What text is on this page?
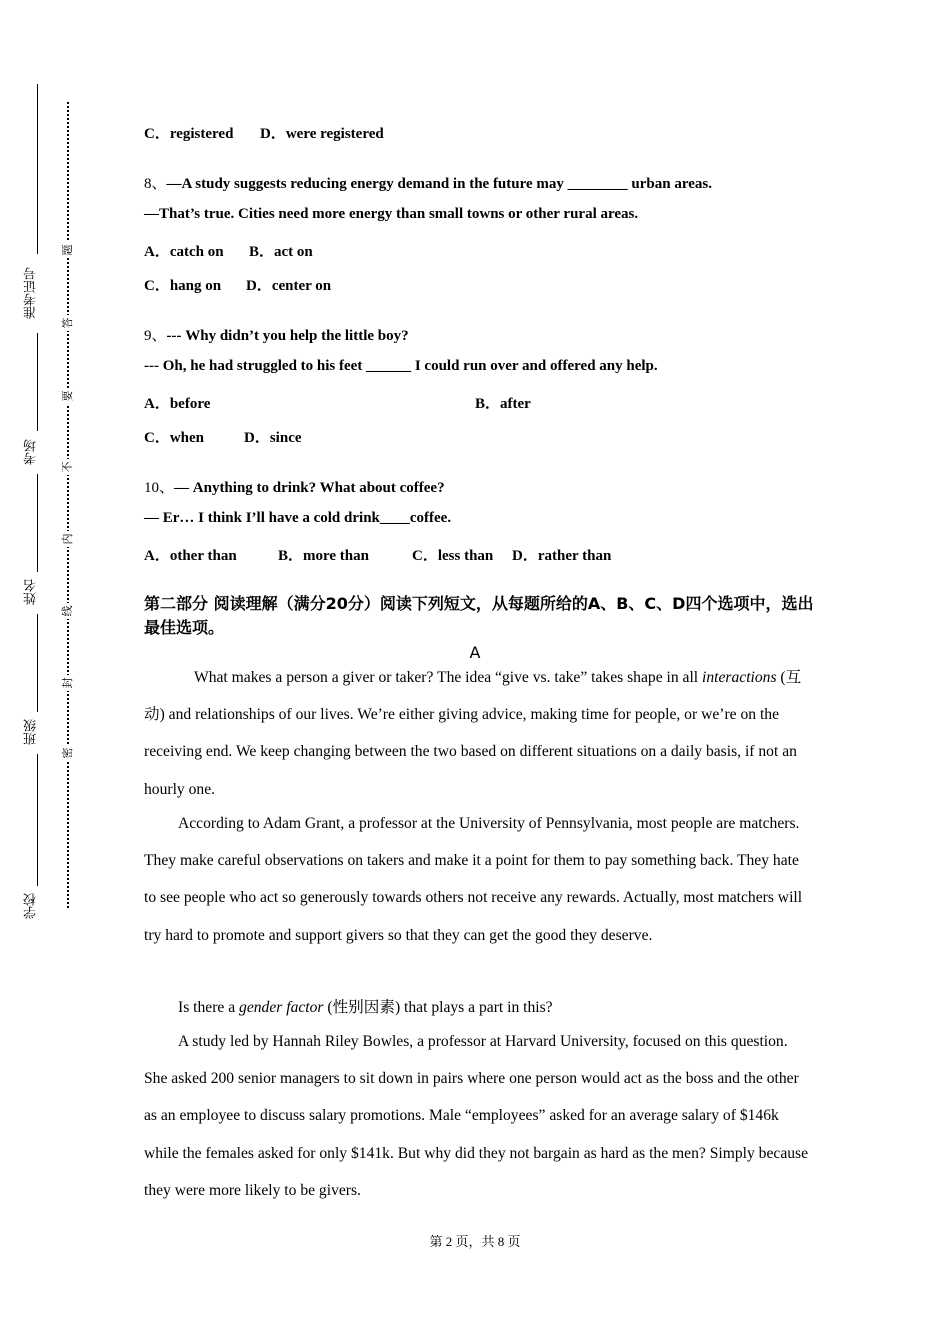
准考证号
考场
姓名
班级
学校
题
答
要
不
内
线
封
密
C．registered D．were registered
8、—A study suggests reducing energy demand in the future may ________ urban areas.
—That’s true. Cities need more energy than small towns or other rural areas.
A．catch on B．act on
C．hang on D．center on
9、--- Why didn’t you help the little boy?
--- Oh, he had struggled to his feet ______ I could run over and offered any help.
A．before	B．after
C．when	D．since
10、— Anything to drink? What about coffee?
— Er… I think I’ll have a cold drink____coffee.
A．other than	B．more than	C．less than D．rather than
第二部分 阅读理解（满分20分）阅读下列短文，从每题所给的A、B、C、D四个选项中，选出最佳选项。
A

What makes a person a giver or taker? The idea “give vs. take” takes shape in all interactions (互动) and relationships of our lives. We’re either giving advice, making time for people, or we’re on the receiving end. We keep changing between the two based on different situations on a daily basis, if not an hourly one.

According to Adam Grant, a professor at the University of Pennsylvania, most people are matchers. They make careful observations on takers and make it a point for them to pay something back. They hate to see people who act so generously towards others not receive any rewards. Actually, most matchers will try hard to promote and support givers so that they can get the good they deserve.

Is there a gender factor (性别因素) that plays a part in this?

A study led by Hannah Riley Bowles, a professor at Harvard University, focused on this question. She asked 200 senior managers to sit down in pairs where one person would act as the boss and the other as an employee to discuss salary promotions. Male “employees” asked for an average salary of $146k while the females asked for only $141k. But why did they not bargain as hard as the men? Simply because they were more likely to be givers.

第 2 页，共 8 页
